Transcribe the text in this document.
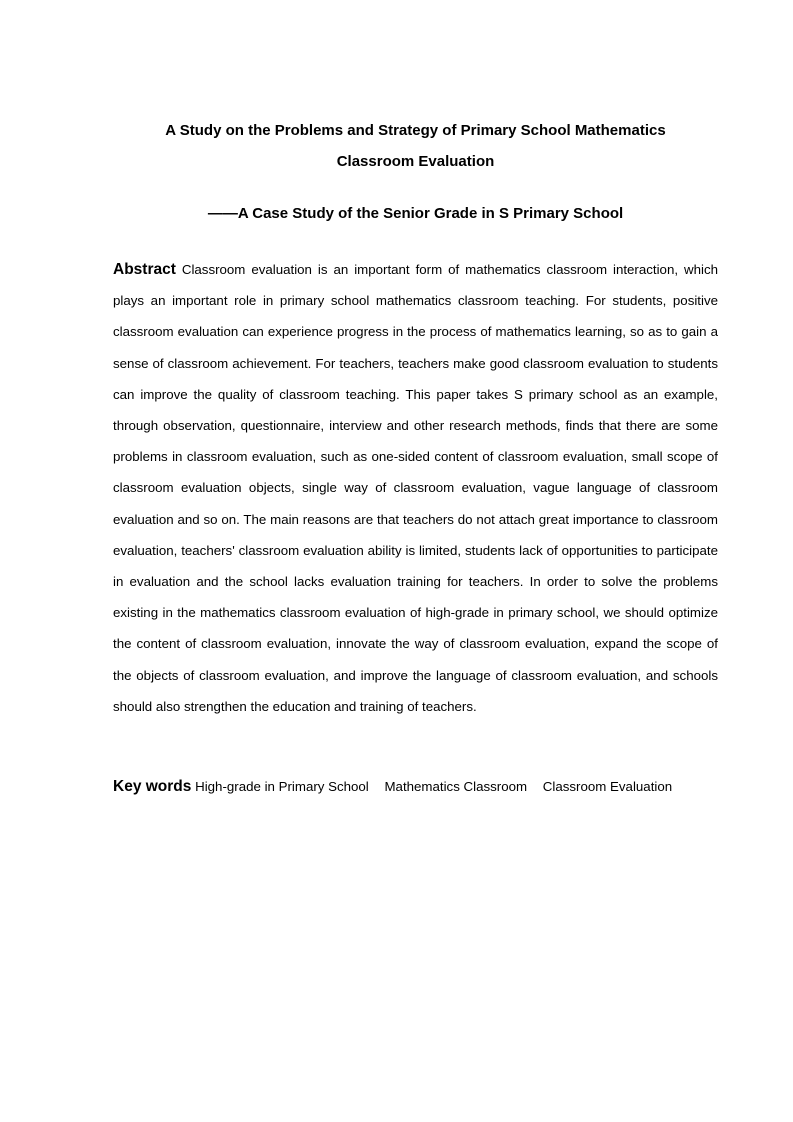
A Study on the Problems and Strategy of Primary School Mathematics

Classroom Evaluation

——A Case Study of the Senior Grade in S Primary School

Abstract Classroom evaluation is an important form of mathematics classroom interaction, which plays an important role in primary school mathematics classroom teaching. For students, positive classroom evaluation can experience progress in the process of mathematics learning, so as to gain a sense of classroom achievement. For teachers, teachers make good classroom evaluation to students can improve the quality of classroom teaching. This paper takes S primary school as an example, through observation, questionnaire, interview and other research methods, finds that there are some problems in classroom evaluation, such as one-sided content of classroom evaluation, small scope of classroom evaluation objects, single way of classroom evaluation, vague language of classroom evaluation and so on. The main reasons are that teachers do not attach great importance to classroom evaluation, teachers' classroom evaluation ability is limited, students lack of opportunities to participate in evaluation and the school lacks evaluation training for teachers. In order to solve the problems existing in the mathematics classroom evaluation of high-grade in primary school, we should optimize the content of classroom evaluation, innovate the way of classroom evaluation, expand the scope of the objects of classroom evaluation, and improve the language of classroom evaluation, and schools should also strengthen the education and training of teachers.

Key words High-grade in Primary School Mathematics Classroom Classroom Evaluation
